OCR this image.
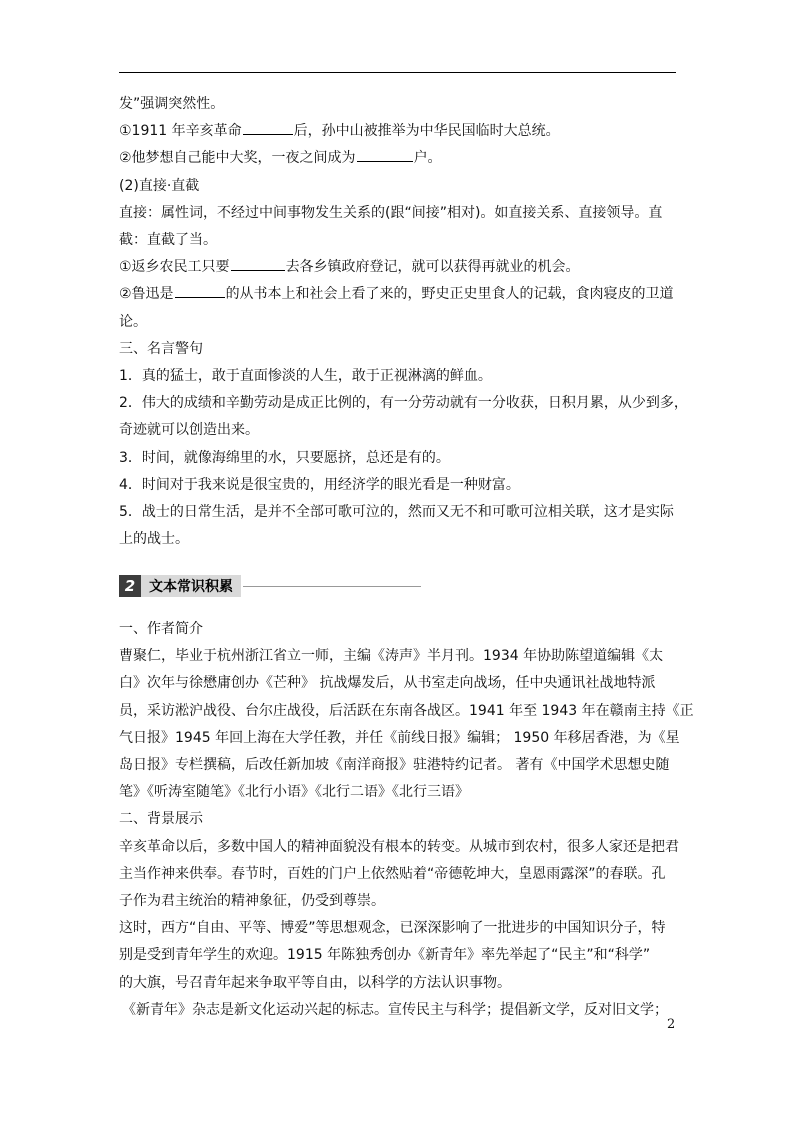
发”强调突然性。
①1911 年辛亥革命	后，孙中山被推举为中华民国临时大总统。
②他梦想自己能中大奖，一夜之间成为	户。
(2)直接·直截
直接：属性词，不经过中间事物发生关系的(跟“间接”相对)。如直接关系、直接领导。直
截：直截了当。
①返乡农民工只要	去各乡镇政府登记，就可以获得再就业的机会。
②鲁迅是	的从书本上和社会上看了来的，野史正史里食人的记载，食肉寝皮的卫道
论。
三、名言警句
1．真的猛士，敢于直面惨淡的人生，敢于正视淋漓的鲜血。
2．伟大的成绩和辛勤劳动是成正比例的，有一分劳动就有一分收获，日积月累，从少到多，
奇迹就可以创造出来。
3．时间，就像海绵里的水，只要愿挤，总还是有的。
4．时间对于我来说是很宝贵的，用经济学的眼光看是一种财富。
5．战士的日常生活，是并不全部可歌可泣的，然而又无不和可歌可泣相关联，这才是实际
上的战士。
2 文本常识积累
一、作者简介
曹聚仁，毕业于杭州浙江省立一师，主编《涛声》半月刊。1934 年协助陈望道编辑《太
白》次年与徐懋庸创办《芒种》 抗战爆发后，从书室走向战场，任中央通讯社战地特派
员，采访淞沪战役、台尔庄战役，后活跃在东南各战区。1941 年至 1943 年在赣南主持《正
气日报》1945 年回上海在大学任教，并任《前线日报》编辑； 1950 年移居香港，为《星
岛日报》专栏撰稿，后改任新加坡《南洋商报》驻港特约记者。 著有《中国学术思想史随
笔》《听涛室随笔》《北行小语》《北行二语》《北行三语》
二、背景展示
辛亥革命以后，多数中国人的精神面貌没有根本的转变。从城市到农村，很多人家还是把君
主当作神来供奉。春节时，百姓的门户上依然贴着“帝德乾坤大，皇恩雨露深”的春联。孔
子作为君主统治的精神象征，仍受到尊崇。
这时，西方“自由、平等、博爱”等思想观念，已深深影响了一批进步的中国知识分子，特
别是受到青年学生的欢迎。1915 年陈独秀创办《新青年》率先举起了“民主”和“科学”
的大旗，号召青年起来争取平等自由，以科学的方法认识事物。
《新青年》杂志是新文化运动兴起的标志。宣传民主与科学；提倡新文学，反对旧文学；
2
